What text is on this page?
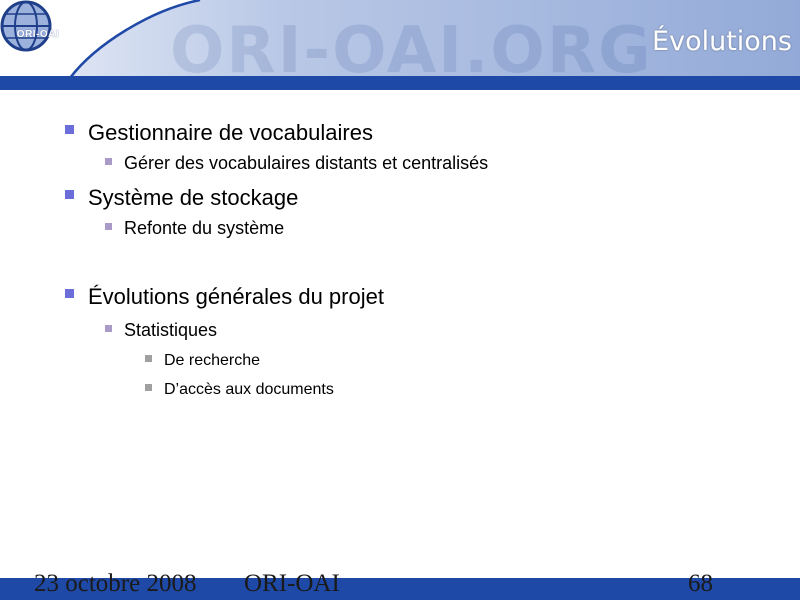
ORI-OAI.ORG
ORI-OAI	Évolutions
Gestionnaire de vocabulaires
Gérer des vocabulaires distants et centralisés
Système de stockage
Refonte du système
Évolutions générales du projet
Statistiques
De recherche
D’accès aux documents
23 octobre 2008 ORI-OAI	68
